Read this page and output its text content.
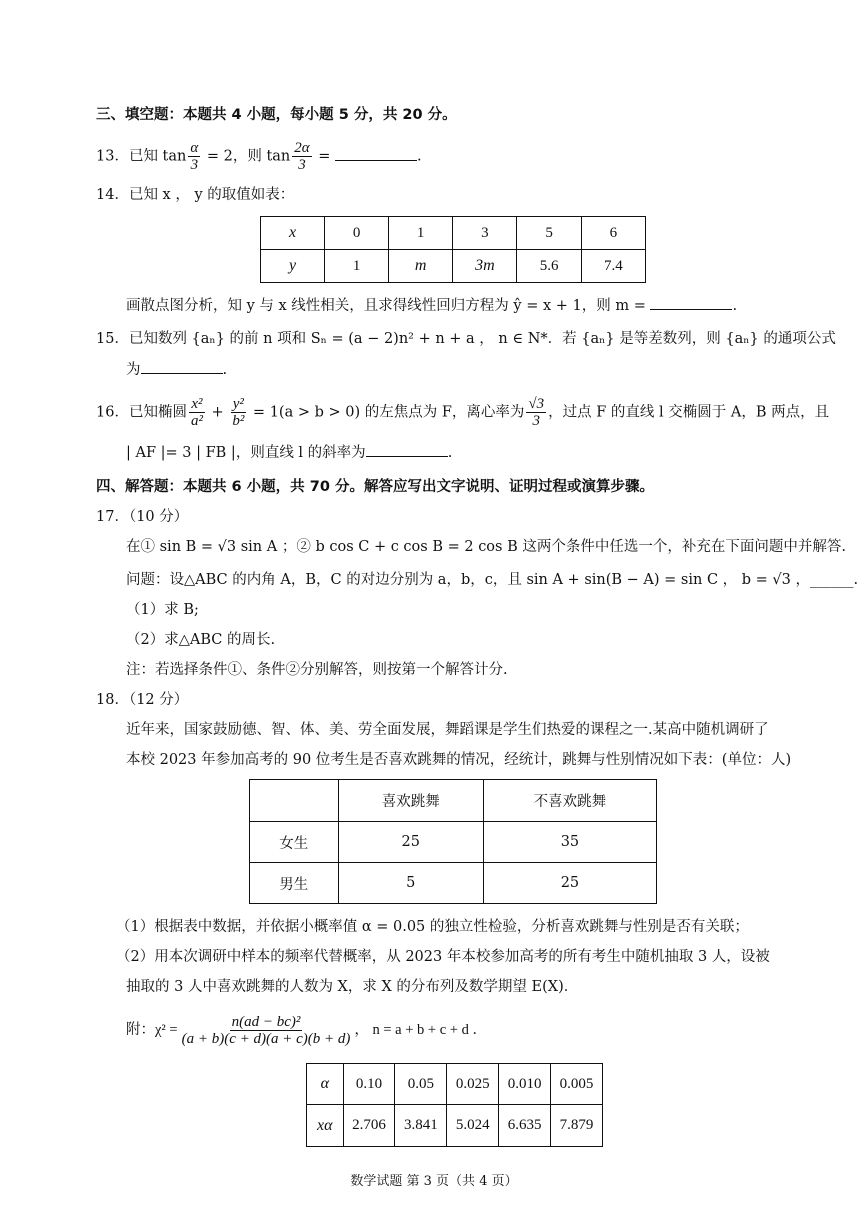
三、填空题：本题共 4 小题，每小题 5 分，共 20 分。
13．已知 $\tan \frac{\alpha}{3} = 2$，则 $\tan \frac{2\alpha}{3}$ =	.
14．已知 x ， y 的取值如表：
x	0	1	3	5	6
y	1	m	3m	5.6	7.4
画散点图分析，知 y 与 x 线性相关，且求得线性回归方程为 ŷ = x + 1，则 m =	.
15．已知数列 {aₙ} 的前 n 项和 Sₙ = (a − 2)n² + n + a ， n ∈ N*．若 {aₙ} 是等差数列，则 {aₙ} 的通项公式
为	.
16．已知椭圆 $\frac{\text{x²}}{\text{a²}} + \frac{\text{y²}}{\text{b²}} = 1(a > b > 0)$ 的左焦点为 F，离心率为 $\frac{√3}{3}$ ，过点 F 的直线 l 交椭圆于 A，B 两点，且
| AF |= 3 | FB |，则直线 l 的斜率为	.
四、解答题：本题共 6 小题，共 70 分。解答应写出文字说明、证明过程或演算步骤。
17．（10 分）
在① sin B = √3 sin A ；② b cos C + c cos B = 2 cos B 这两个条件中任选一个，补充在下面问题中并解答.
问题：设△ABC 的内角 A，B，C 的对边分别为 a，b，c，且 sin A + sin(B − A) = sin C ， b = √3 ，______.
（1）求 B;
（2）求△ABC 的周长.
注：若选择条件①、条件②分别解答，则按第一个解答计分.
18．（12 分）
近年来，国家鼓励德、智、体、美、劳全面发展，舞蹈课是学生们热爱的课程之一.某高中随机调研了
本校 2023 年参加高考的 90 位考生是否喜欢跳舞的情况，经统计，跳舞与性别情况如下表：(单位：人)
	喜欢跳舞	不喜欢跳舞
女生	25	35
男生	5	25
（1）根据表中数据，并依据小概率值 α = 0.05 的独立性检验，分析喜欢跳舞与性别是否有关联；
（2）用本次调研中样本的频率代替概率，从 2023 年本校参加高考的所有考生中随机抽取 3 人，设被
抽取的 3 人中喜欢跳舞的人数为 X，求 X 的分布列及数学期望 E(X)．
附：$\chi^2 = \frac{\text{n(ad − bc)²}}{(a + b)(c + d)(a + c)(b + d)}$ ， n = a + b + c + d ．
α	0.10	0.05	0.025	0.010	0.005
xα	2.706	3.841	5.024	6.635	7.879
数学试题 第 3 页（共 4 页）
